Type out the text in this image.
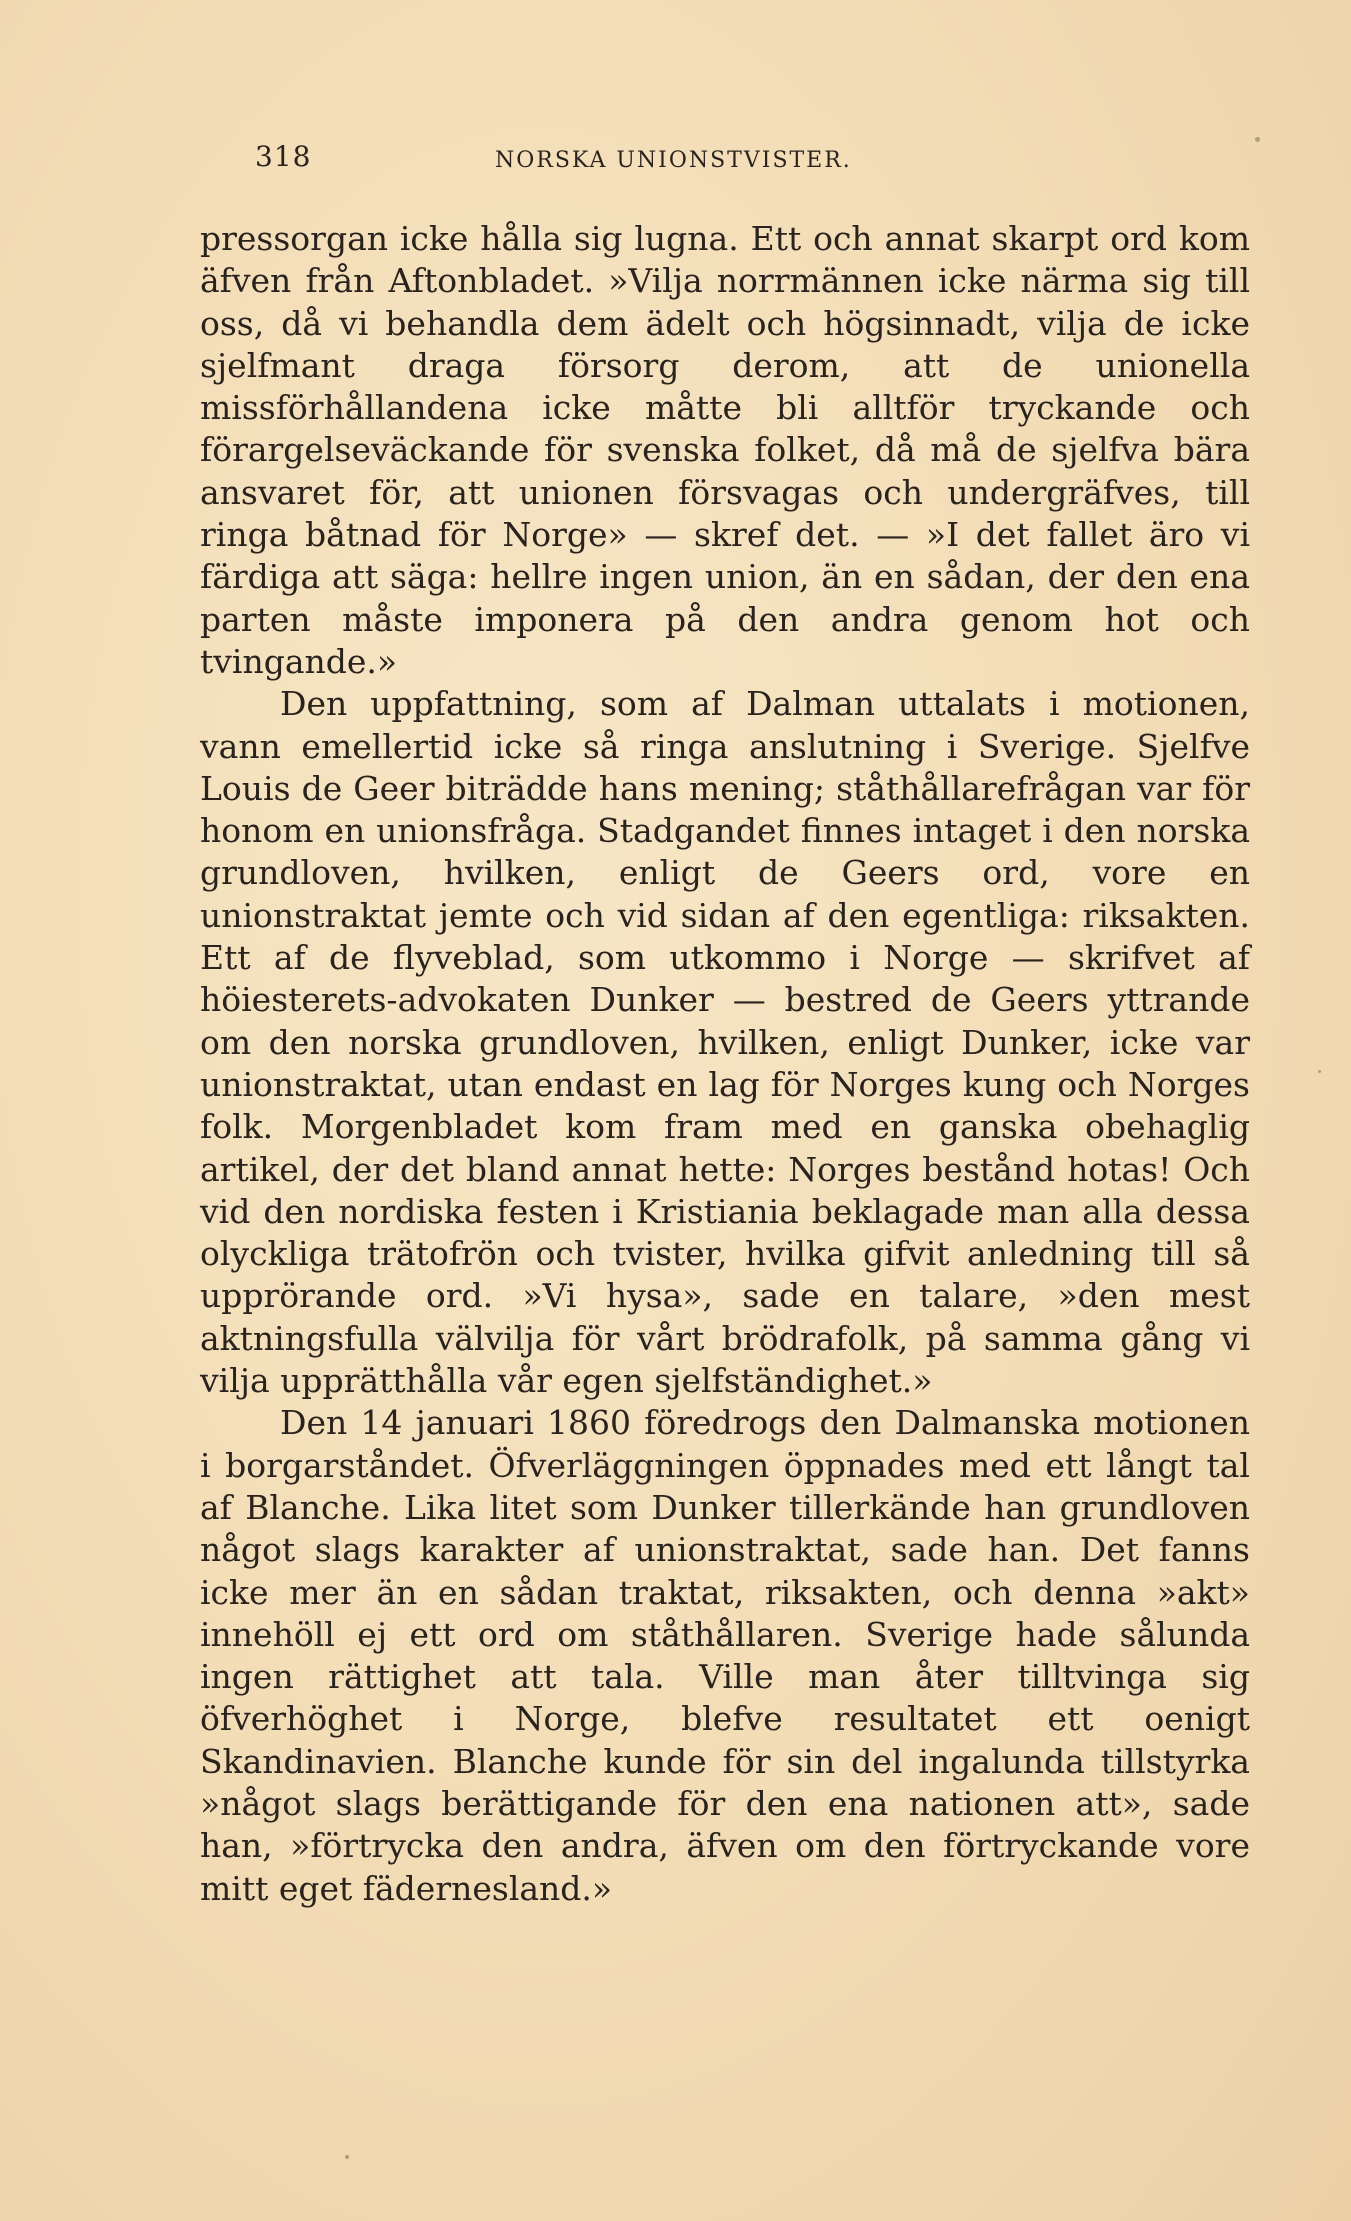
318	NORSKA UNIONSTVISTER.

pressorgan icke hålla sig lugna. Ett och annat skarpt ord kom äfven från Aftonbladet. »Vilja norrmännen icke närma sig till oss, då vi behandla dem ädelt och högsinnadt, vilja de icke sjelfmant draga försorg derom, att de unionella missförhållandena icke måtte bli alltför tryckande och förargelseväckande för svenska folket, då må de sjelfva bära ansvaret för, att unionen försvagas och undergräfves, till ringa båtnad för Norge» — skref det. — »I det fallet äro vi färdiga att säga: hellre ingen union, än en sådan, der den ena parten måste imponera på den andra genom hot och tvingande.»

Den uppfattning, som af Dalman uttalats i motionen, vann emellertid icke så ringa anslutning i Sverige. Sjelfve Louis de Geer biträdde hans mening; ståthållarefrågan var för honom en unionsfråga. Stadgandet finnes intaget i den norska grundloven, hvilken, enligt de Geers ord, vore en unionstraktat jemte och vid sidan af den egentliga: riksakten. Ett af de flyveblad, som utkommo i Norge — skrifvet af höiesterets-advokaten Dunker — bestred de Geers yttrande om den norska grundloven, hvilken, enligt Dunker, icke var unionstraktat, utan endast en lag för Norges kung och Norges folk. Morgenbladet kom fram med en ganska obehaglig artikel, der det bland annat hette: Norges bestånd hotas! Och vid den nordiska festen i Kristiania beklagade man alla dessa olyckliga trätofrön och tvister, hvilka gifvit anledning till så upprörande ord. »Vi hysa», sade en talare, »den mest aktningsfulla välvilja för vårt brödrafolk, på samma gång vi vilja upprätthålla vår egen sjelfständighet.»

Den 14 januari 1860 föredrogs den Dalmanska motionen i borgarståndet. Öfverläggningen öppnades med ett långt tal af Blanche. Lika litet som Dunker tillerkände han grundloven något slags karakter af unionstraktat, sade han. Det fanns icke mer än en sådan traktat, riksakten, och denna »akt» innehöll ej ett ord om ståthållaren. Sverige hade sålunda ingen rättighet att tala. Ville man åter tilltvinga sig öfverhöghet i Norge, blefve resultatet ett oenigt Skandinavien. Blanche kunde för sin del ingalunda tillstyrka »något slags berättigande för den ena nationen att», sade han, »förtrycka den andra, äfven om den förtryckande vore mitt eget fädernesland.»
